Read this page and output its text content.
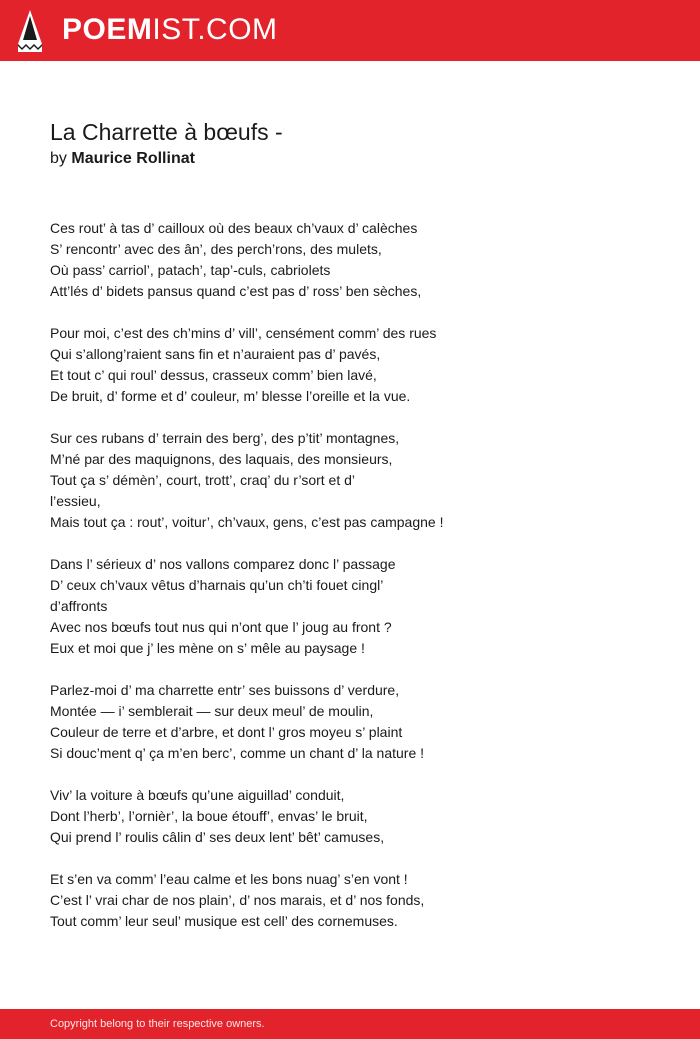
POEMIST.COM
La Charrette à bœufs -
by Maurice Rollinat
Ces rout’ à tas d’ cailloux où des beaux ch’vaux d’ calèches
S’ rencontr’ avec des ân’, des perch’rons, des mulets,
Où pass’ carriol’, patach’, tap’-culs, cabriolets
Att’lés d’ bidets pansus quand c’est pas d’ ross’ ben sèches,
Pour moi, c’est des ch’mins d’ vill’, censément comm’ des rues
Qui s’allong’raient sans fin et n’auraient pas d’ pavés,
Et tout c’ qui roul’ dessus, crasseux comm’ bien lavé,
De bruit, d’ forme et d’ couleur, m’ blesse l’oreille et la vue.
Sur ces rubans d’ terrain des berg’, des p’tit’ montagnes,
M’né par des maquignons, des laquais, des monsieurs,
Tout ça s’ démèn’, court, trott’, craq’ du r’sort et d’
l’essieu,
Mais tout ça : rout’, voitur’, ch’vaux, gens, c’est pas campagne !
Dans l’ sérieux d’ nos vallons comparez donc l’ passage
D’ ceux ch’vaux vêtus d’harnais qu’un ch’ti fouet cingl’
d’affronts
Avec nos bœufs tout nus qui n’ont que l’ joug au front ?
Eux et moi que j’ les mène on s’ mêle au paysage !
Parlez-moi d’ ma charrette entr’ ses buissons d’ verdure,
Montée — i’ semblerait — sur deux meul’ de moulin,
Couleur de terre et d’arbre, et dont l’ gros moyeu s’ plaint
Si douc’ment q’ ça m’en berc’, comme un chant d’ la nature !
Viv’ la voiture à bœufs qu’une aiguillad’ conduit,
Dont l’herb’, l’ornièr’, la boue étouff’, envas’ le bruit,
Qui prend l’ roulis câlin d’ ses deux lent’ bêt’ camuses,
Et s’en va comm’ l’eau calme et les bons nuag’ s’en vont !
C’est l’ vrai char de nos plain’, d’ nos marais, et d’ nos fonds,
Tout comm’ leur seul’ musique est cell’ des cornemuses.
Copyright belong to their respective owners.
